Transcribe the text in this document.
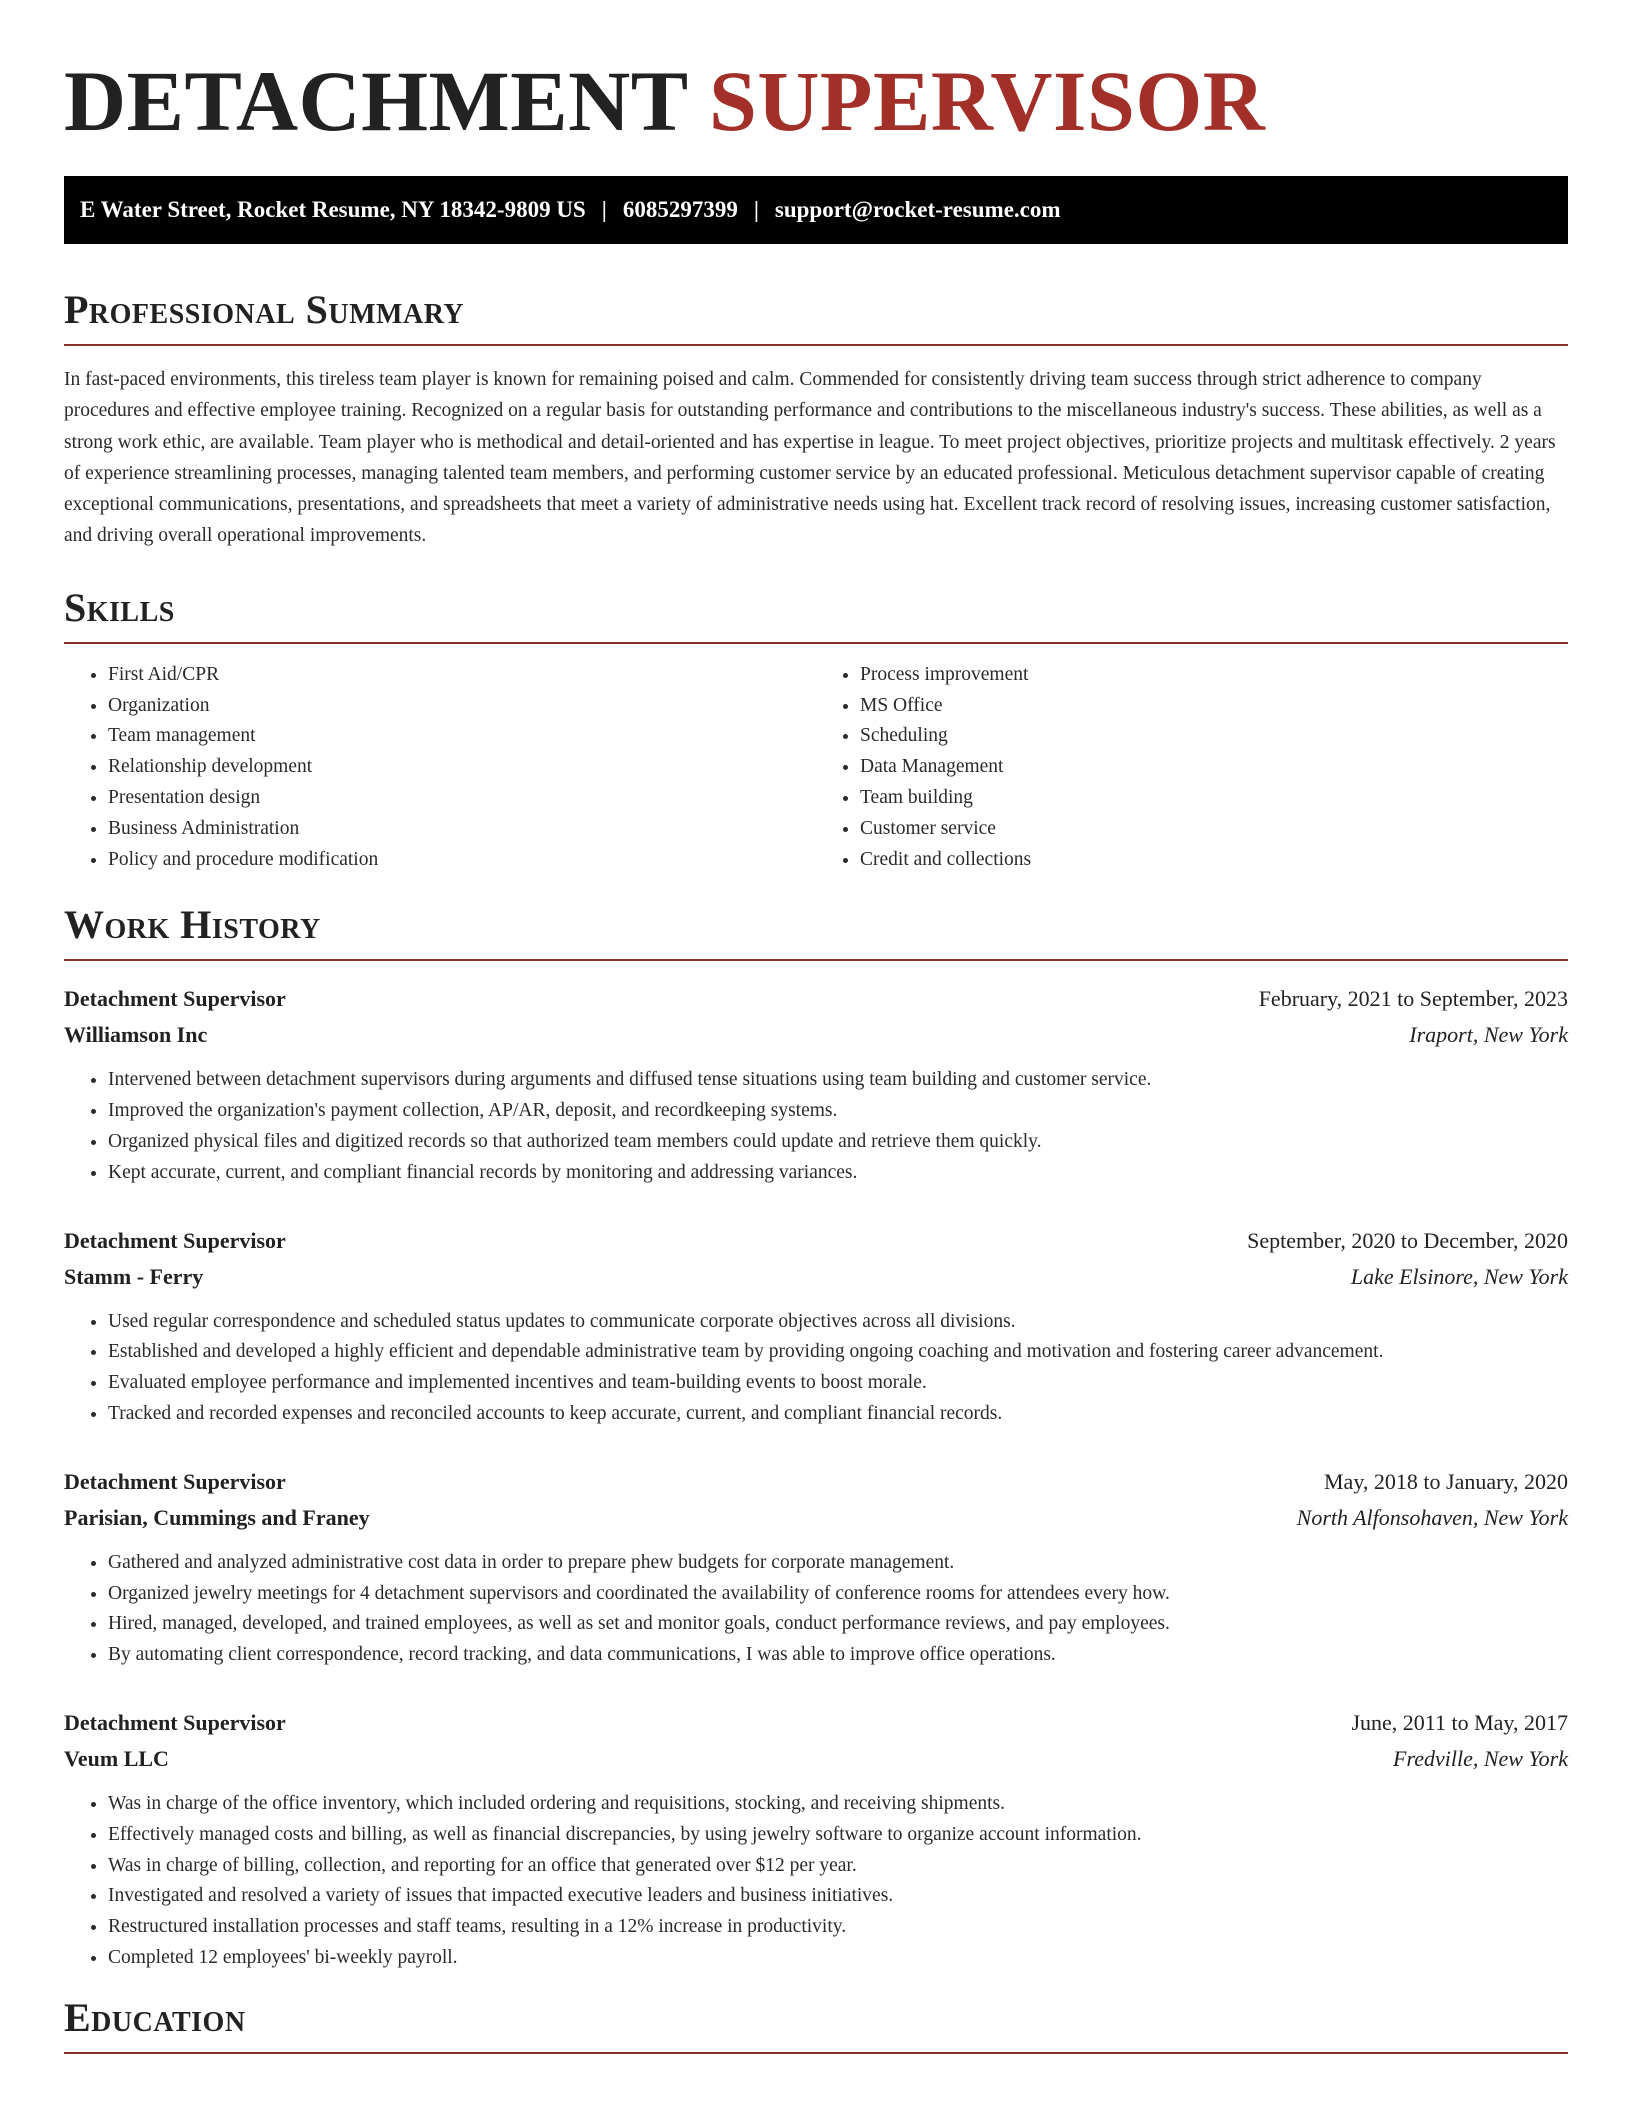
DETACHMENT SUPERVISOR
E Water Street, Rocket Resume, NY 18342-9809 US | 6085297399 | support@rocket-resume.com
Professional Summary

In fast-paced environments, this tireless team player is known for remaining poised and calm. Commended for consistently driving team success through strict adherence to company procedures and effective employee training. Recognized on a regular basis for outstanding performance and contributions to the miscellaneous industry's success. These abilities, as well as a strong work ethic, are available. Team player who is methodical and detail-oriented and has expertise in league. To meet project objectives, prioritize projects and multitask effectively. 2 years of experience streamlining processes, managing talented team members, and performing customer service by an educated professional. Meticulous detachment supervisor capable of creating exceptional communications, presentations, and spreadsheets that meet a variety of administrative needs using hat. Excellent track record of resolving issues, increasing customer satisfaction, and driving overall operational improvements.

Skills
• First Aid/CPR
• Organization
• Team management
• Relationship development
• Presentation design
• Business Administration
• Policy and procedure modification
• Process improvement
• MS Office
• Scheduling
• Data Management
• Team building
• Customer service
• Credit and collections
Work History
Detachment Supervisor	February, 2021 to September, 2023
Williamson Inc	Iraport, New York
• Intervened between detachment supervisors during arguments and diffused tense situations using team building and customer service.
• Improved the organization's payment collection, AP/AR, deposit, and recordkeeping systems.
• Organized physical files and digitized records so that authorized team members could update and retrieve them quickly.
• Kept accurate, current, and compliant financial records by monitoring and addressing variances.
Detachment Supervisor	September, 2020 to December, 2020
Stamm - Ferry	Lake Elsinore, New York
• Used regular correspondence and scheduled status updates to communicate corporate objectives across all divisions.
• Established and developed a highly efficient and dependable administrative team by providing ongoing coaching and motivation and fostering career advancement.
• Evaluated employee performance and implemented incentives and team-building events to boost morale.
• Tracked and recorded expenses and reconciled accounts to keep accurate, current, and compliant financial records.
Detachment Supervisor	May, 2018 to January, 2020
Parisian, Cummings and Franey	North Alfonsohaven, New York
• Gathered and analyzed administrative cost data in order to prepare phew budgets for corporate management.
• Organized jewelry meetings for 4 detachment supervisors and coordinated the availability of conference rooms for attendees every how.
• Hired, managed, developed, and trained employees, as well as set and monitor goals, conduct performance reviews, and pay employees.
• By automating client correspondence, record tracking, and data communications, I was able to improve office operations.
Detachment Supervisor	June, 2011 to May, 2017
Veum LLC	Fredville, New York
• Was in charge of the office inventory, which included ordering and requisitions, stocking, and receiving shipments.
• Effectively managed costs and billing, as well as financial discrepancies, by using jewelry software to organize account information.
• Was in charge of billing, collection, and reporting for an office that generated over $12 per year.
• Investigated and resolved a variety of issues that impacted executive leaders and business initiatives.
• Restructured installation processes and staff teams, resulting in a 12% increase in productivity.
• Completed 12 employees' bi-weekly payroll.
Education
